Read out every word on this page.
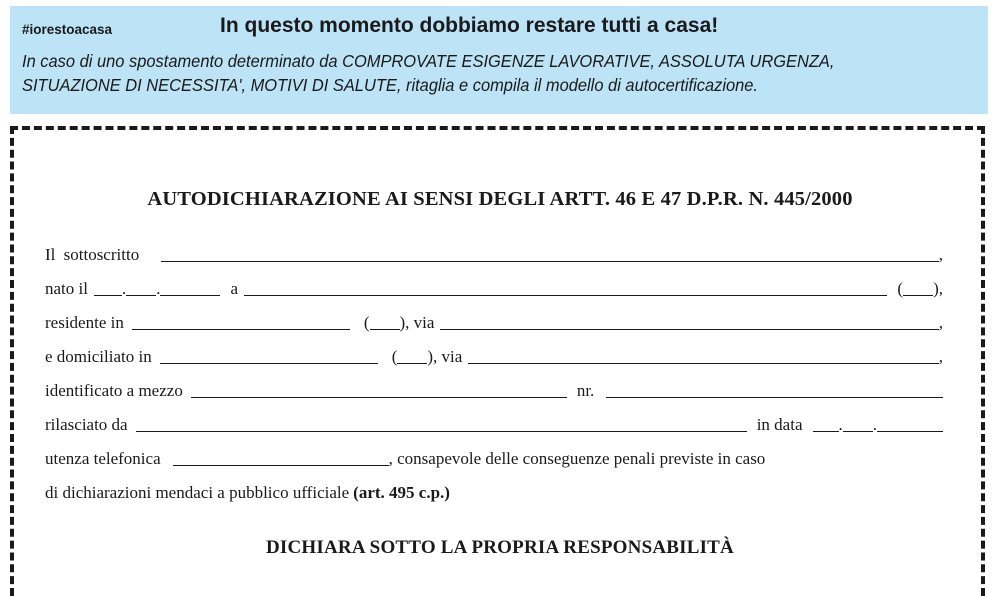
#iorestoacasa	In questo momento dobbiamo restare tutti a casa!
In caso di uno spostamento determinato da COMPROVATE ESIGENZE LAVORATIVE, ASSOLUTA URGENZA,
SITUAZIONE DI NECESSITA', MOTIVI DI SALUTE, ritaglia e compila il modello di autocertificazione.
AUTODICHIARAZIONE AI SENSI DEGLI ARTT. 46 E 47 D.P.R. N. 445/2000
Il sottoscritto	,
nato il . .	a	( ),
residente in	( ), via	,
e domiciliato in	( ), via	,
identificato a mezzo	nr.
rilasciato da	in data . .
utenza telefonica	, consapevole delle conseguenze penali previste in caso
di dichiarazioni mendaci a pubblico ufficiale (art. 495 c.p.)
DICHIARA SOTTO LA PROPRIA RESPONSABILITÀ
